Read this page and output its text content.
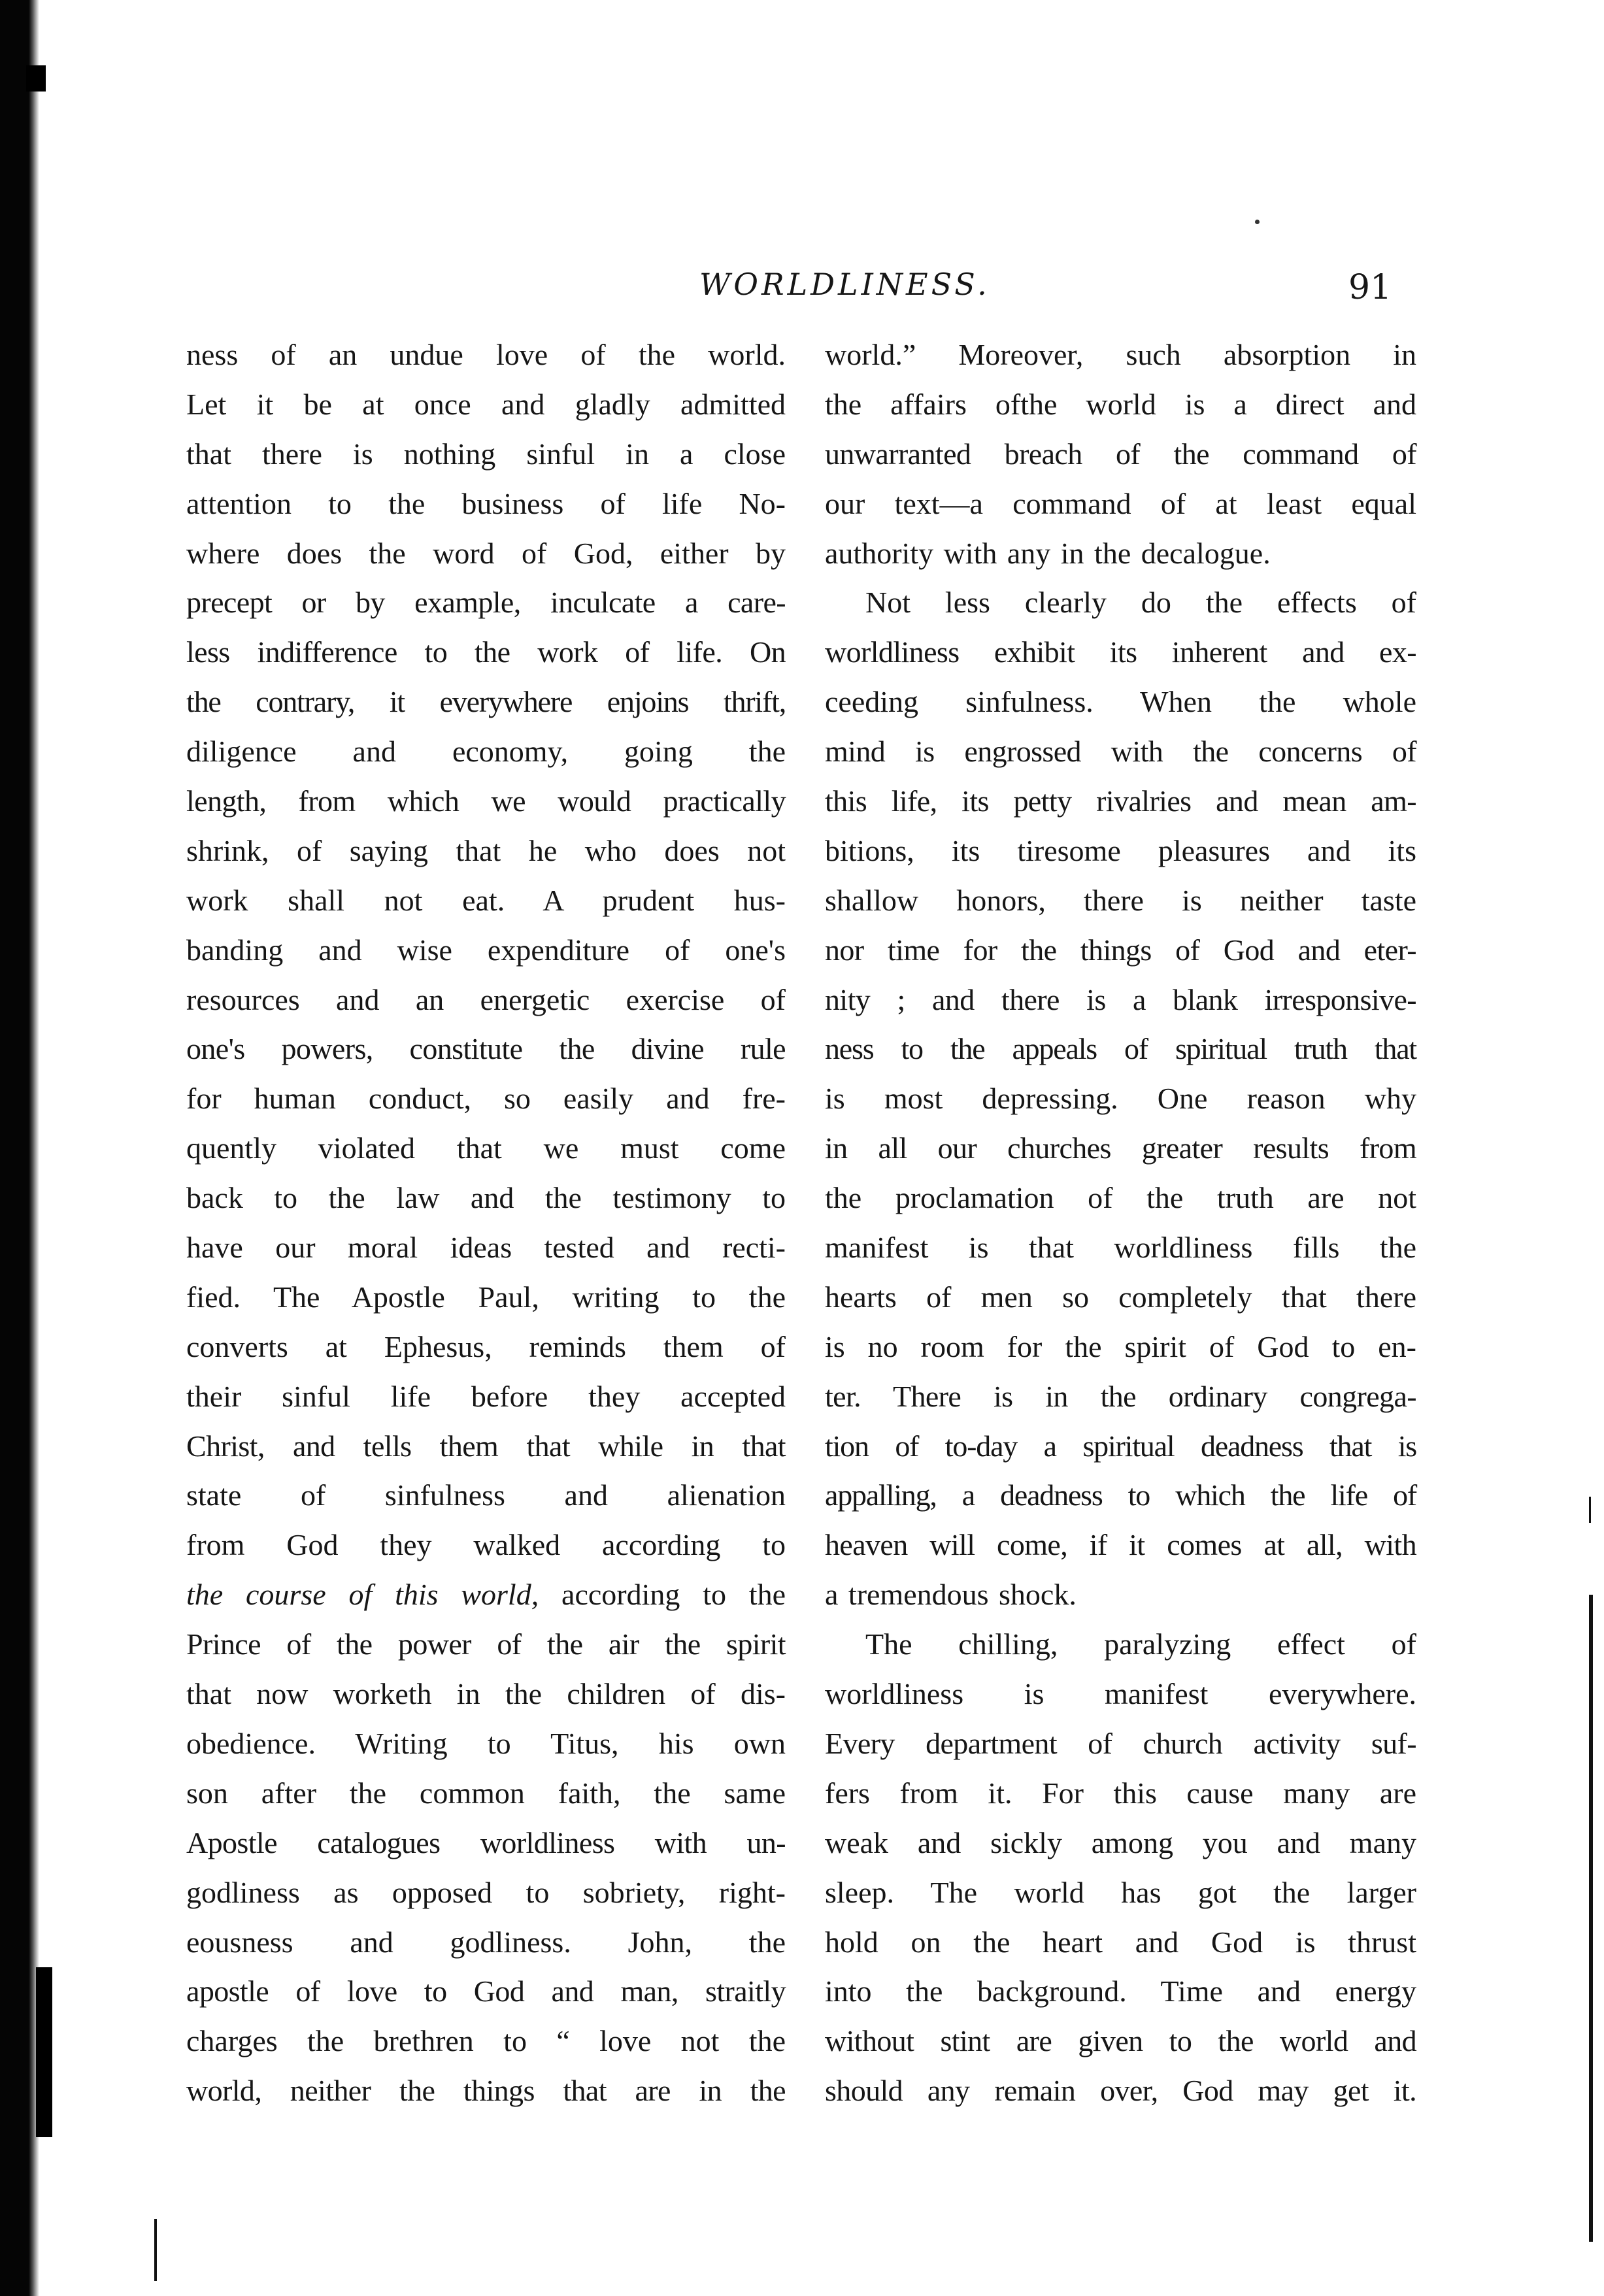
WORLDLINESS.	91
ness of an undue love of the world.
Let it be at once and gladly admitted
that there is nothing sinful in a close
attention to the business of life No-
where does the word of God, either by
precept or by example, inculcate a care-
less indifference to the work of life. On
the contrary, it everywhere enjoins thrift,
diligence and economy, going the
length, from which we would practically
shrink, of saying that he who does not
work shall not eat. A prudent hus-
banding and wise expenditure of one's
resources and an energetic exercise of
one's powers, constitute the divine rule
for human conduct, so easily and fre-
quently violated that we must come
back to the law and the testimony to
have our moral ideas tested and recti-
fied. The Apostle Paul, writing to the
converts at Ephesus, reminds them of
their sinful life before they accepted
Christ, and tells them that while in that
state of sinfulness and alienation
from God they walked according to
the course of this world, according to the
Prince of the power of the air the spirit
that now worketh in the children of dis-
obedience. Writing to Titus, his own
son after the common faith, the same
Apostle catalogues worldliness with un-
godliness as opposed to sobriety, right-
eousness and godliness. John, the
apostle of love to God and man, straitly
charges the brethren to “ love not the
world, neither the things that are in the
world.” Moreover, such absorption in
the affairs ofthe world is a direct and
unwarranted breach of the command of
our text—a command of at least equal
authority with any in the decalogue.
Not less clearly do the effects of
worldliness exhibit its inherent and ex-
ceeding sinfulness. When the whole
mind is engrossed with the concerns of
this life, its petty rivalries and mean am-
bitions, its tiresome pleasures and its
shallow honors, there is neither taste
nor time for the things of God and eter-
nity ; and there is a blank irresponsive-
ness to the appeals of spiritual truth that
is most depressing. One reason why
in all our churches greater results from
the proclamation of the truth are not
manifest is that worldliness fills the
hearts of men so completely that there
is no room for the spirit of God to en-
ter. There is in the ordinary congrega-
tion of to-day a spiritual deadness that is
appalling, a deadness to which the life of
heaven will come, if it comes at all, with
a tremendous shock.
The chilling, paralyzing effect of
worldliness is manifest everywhere.
Every department of church activity suf-
fers from it. For this cause many are
weak and sickly among you and many
sleep. The world has got the larger
hold on the heart and God is thrust
into the background. Time and energy
without stint are given to the world and
should any remain over, God may get it.
